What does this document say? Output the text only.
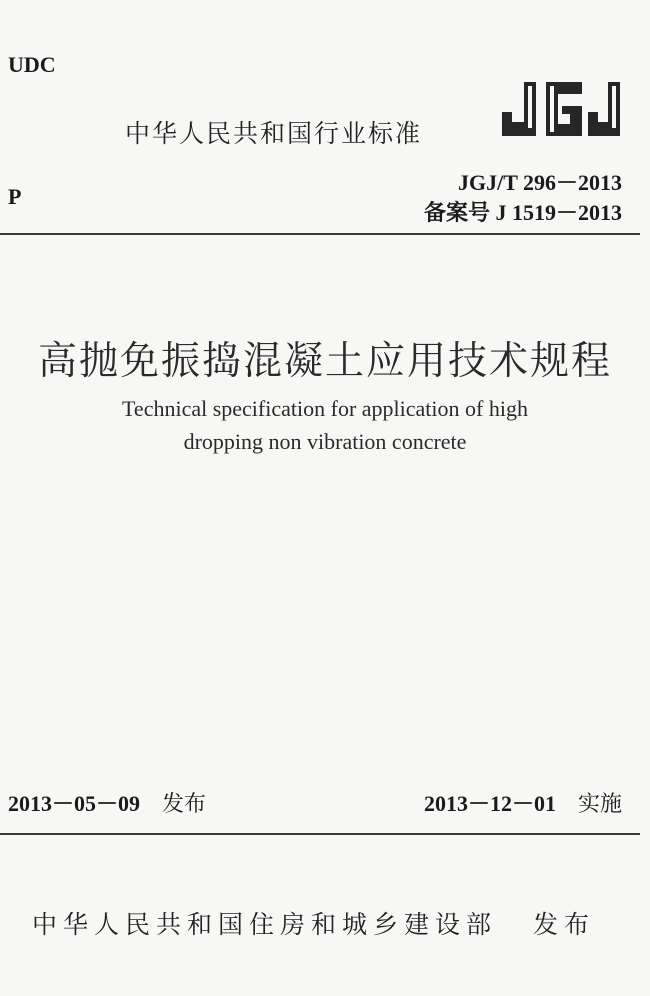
UDC
P
中华人民共和国行业标准
JGJ/T 296－2013
备案号 J 1519－2013
高抛免振捣混凝土应用技术规程
Technical specification for application of high
dropping non vibration concrete
2013－05－09 发布	2013－12－01 实施
中华人民共和国住房和城乡建设部 发布
